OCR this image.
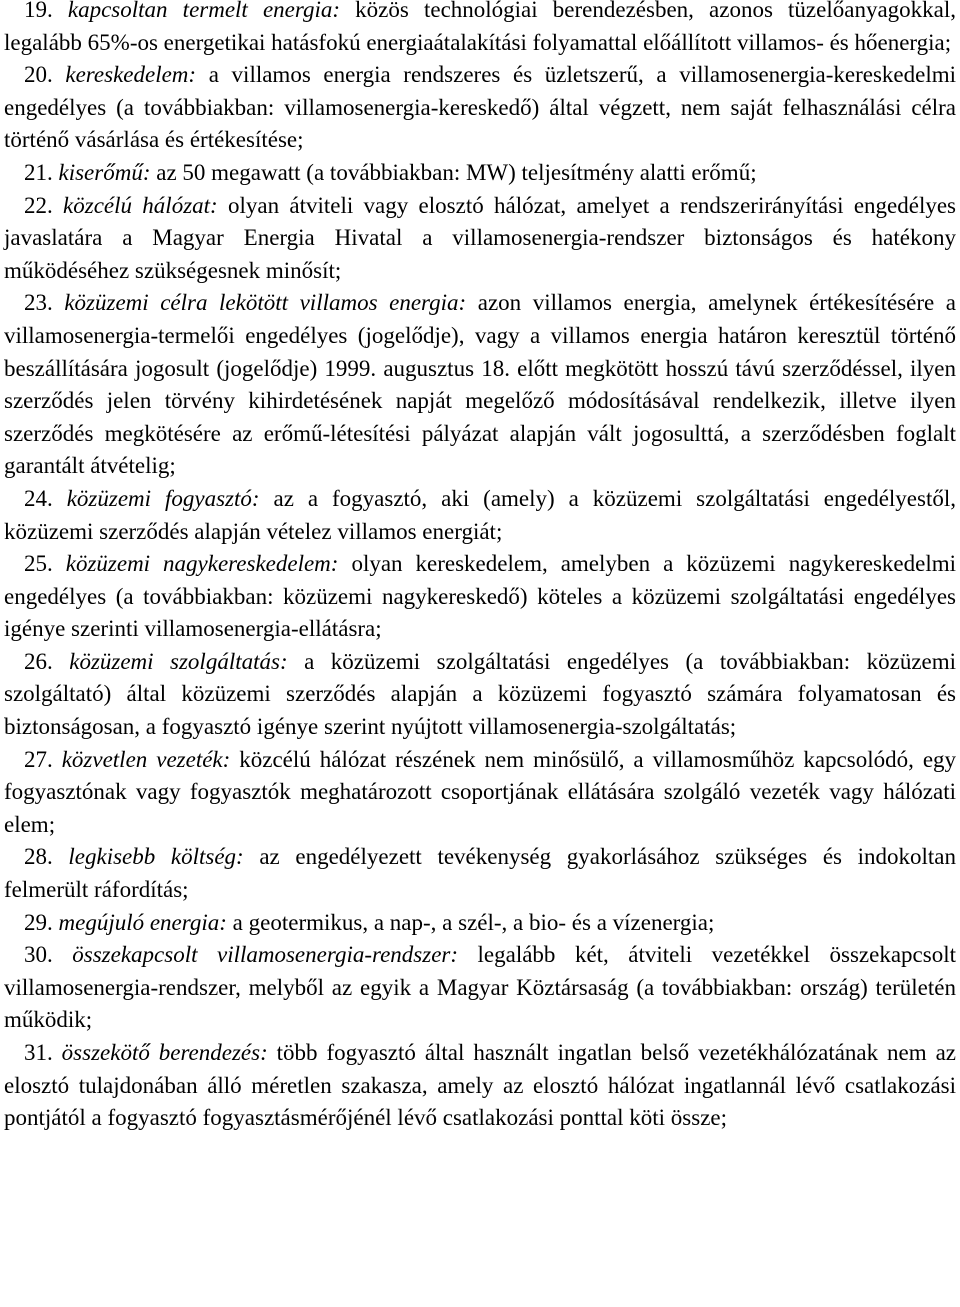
19. kapcsoltan termelt energia: közös technológiai berendezésben, azonos tüzelőanyagokkal, legalább 65%-os energetikai hatásfokú energiaátalakítási folyamattal előállított villamos- és hőenergia;

20. kereskedelem: a villamos energia rendszeres és üzletszerű, a villamosenergia-kereskedelmi engedélyes (a továbbiakban: villamosenergia-kereskedő) által végzett, nem saját felhasználási célra történő vásárlása és értékesítése;

21. kiserőmű: az 50 megawatt (a továbbiakban: MW) teljesítmény alatti erőmű;

22. közcélú hálózat: olyan átviteli vagy elosztó hálózat, amelyet a rendszerirányítási engedélyes javaslatára a Magyar Energia Hivatal a villamosenergia-rendszer biztonságos és hatékony működéséhez szükségesnek minősít;

23. közüzemi célra lekötött villamos energia: azon villamos energia, amelynek értékesítésére a villamosenergia-termelői engedélyes (jogelődje), vagy a villamos energia határon keresztül történő beszállítására jogosult (jogelődje) 1999. augusztus 18. előtt megkötött hosszú távú szerződéssel, ilyen szerződés jelen törvény kihirdetésének napját megelőző módosításával rendelkezik, illetve ilyen szerződés megkötésére az erőmű-létesítési pályázat alapján vált jogosulttá, a szerződésben foglalt garantált átvételig;

24. közüzemi fogyasztó: az a fogyasztó, aki (amely) a közüzemi szolgáltatási engedélyestől, közüzemi szerződés alapján vételez villamos energiát;

25. közüzemi nagykereskedelem: olyan kereskedelem, amelyben a közüzemi nagykereskedelmi engedélyes (a továbbiakban: közüzemi nagykereskedő) köteles a közüzemi szolgáltatási engedélyes igénye szerinti villamosenergia-ellátásra;

26. közüzemi szolgáltatás: a közüzemi szolgáltatási engedélyes (a továbbiakban: közüzemi szolgáltató) által közüzemi szerződés alapján a közüzemi fogyasztó számára folyamatosan és biztonságosan, a fogyasztó igénye szerint nyújtott villamosenergia-szolgáltatás;

27. közvetlen vezeték: közcélú hálózat részének nem minősülő, a villamosműhöz kapcsolódó, egy fogyasztónak vagy fogyasztók meghatározott csoportjának ellátására szolgáló vezeték vagy hálózati elem;

28. legkisebb költség: az engedélyezett tevékenység gyakorlásához szükséges és indokoltan felmerült ráfordítás;

29. megújuló energia: a geotermikus, a nap-, a szél-, a bio- és a vízenergia;

30. összekapcsolt villamosenergia-rendszer: legalább két, átviteli vezetékkel összekapcsolt villamosenergia-rendszer, melyből az egyik a Magyar Köztársaság (a továbbiakban: ország) területén működik;

31. összekötő berendezés: több fogyasztó által használt ingatlan belső vezetékhálózatának nem az elosztó tulajdonában álló méretlen szakasza, amely az elosztó hálózat ingatlannál lévő csatlakozási pontjától a fogyasztó fogyasztásmérőjénél lévő csatlakozási ponttal köti össze;
